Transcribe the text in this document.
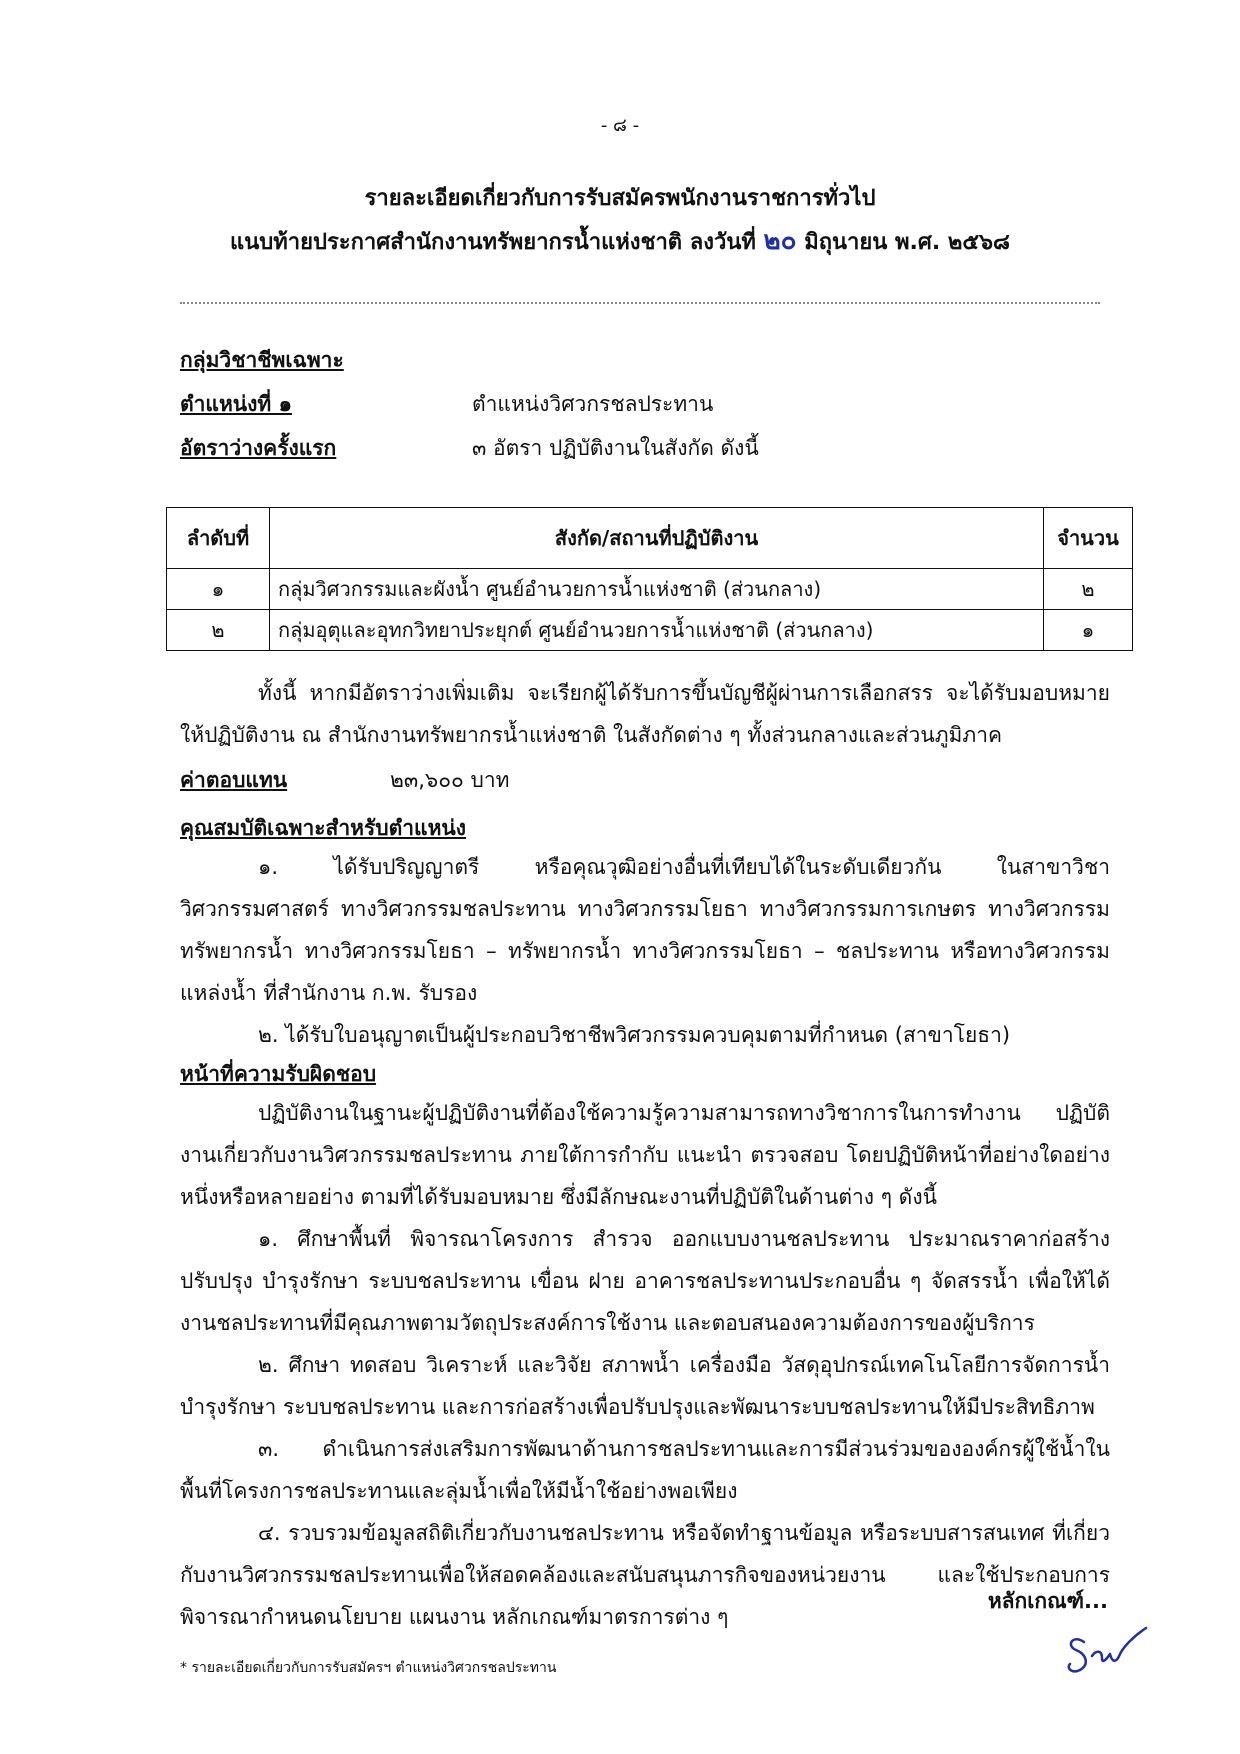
- ๘ -
รายละเอียดเกี่ยวกับการรับสมัครพนักงานราชการทั่วไป
แนบท้ายประกาศสำนักงานทรัพยากรน้ำแห่งชาติ ลงวันที่ ๒๐ มิถุนายน พ.ศ. ๒๕๖๘
กลุ่มวิชาชีพเฉพาะ
ตำแหน่งที่ ๑	ตำแหน่งวิศวกรชลประทาน
อัตราว่างครั้งแรก	๓ อัตรา ปฏิบัติงานในสังกัด ดังนี้
ลำดับที่	สังกัด/สถานที่ปฏิบัติงาน	จำนวน
๑	กลุ่มวิศวกรรมและผังน้ำ ศูนย์อำนวยการน้ำแห่งชาติ (ส่วนกลาง)	๒
๒	กลุ่มอุตุและอุทกวิทยาประยุกต์ ศูนย์อำนวยการน้ำแห่งชาติ (ส่วนกลาง)	๑

ทั้งนี้ หากมีอัตราว่างเพิ่มเติม จะเรียกผู้ได้รับการขึ้นบัญชีผู้ผ่านการเลือกสรร จะได้รับมอบหมายให้ปฏิบัติงาน ณ สำนักงานทรัพยากรน้ำแห่งชาติ ในสังกัดต่าง ๆ ทั้งส่วนกลางและส่วนภูมิภาค

ค่าตอบแทน	๒๓,๖๐๐ บาท
คุณสมบัติเฉพาะสำหรับตำแหน่ง

๑. ได้รับปริญญาตรี หรือคุณวุฒิอย่างอื่นที่เทียบได้ในระดับเดียวกัน ในสาขาวิชาวิศวกรรมศาสตร์ ทางวิศวกรรมชลประทาน ทางวิศวกรรมโยธา ทางวิศวกรรมการเกษตร ทางวิศวกรรมทรัพยากรน้ำ ทางวิศวกรรมโยธา – ทรัพยากรน้ำ ทางวิศวกรรมโยธา – ชลประทาน หรือทางวิศวกรรมแหล่งน้ำ ที่สำนักงาน ก.พ. รับรอง

๒. ได้รับใบอนุญาตเป็นผู้ประกอบวิชาชีพวิศวกรรมควบคุมตามที่กำหนด (สาขาโยธา)

หน้าที่ความรับผิดชอบ

ปฏิบัติงานในฐานะผู้ปฏิบัติงานที่ต้องใช้ความรู้ความสามารถทางวิชาการในการทำงาน ปฏิบัติงานเกี่ยวกับงานวิศวกรรมชลประทาน ภายใต้การกำกับ แนะนำ ตรวจสอบ โดยปฏิบัติหน้าที่อย่างใดอย่างหนึ่งหรือหลายอย่าง ตามที่ได้รับมอบหมาย ซึ่งมีลักษณะงานที่ปฏิบัติในด้านต่าง ๆ ดังนี้

๑. ศึกษาพื้นที่ พิจารณาโครงการ สำรวจ ออกแบบงานชลประทาน ประมาณราคาก่อสร้าง ปรับปรุง บำรุงรักษา ระบบชลประทาน เขื่อน ฝาย อาคารชลประทานประกอบอื่น ๆ จัดสรรน้ำ เพื่อให้ได้งานชลประทานที่มีคุณภาพตามวัตถุประสงค์การใช้งาน และตอบสนองความต้องการของผู้บริการ

๒. ศึกษา ทดสอบ วิเคราะห์ และวิจัย สภาพน้ำ เครื่องมือ วัสดุอุปกรณ์เทคโนโลยีการจัดการน้ำ บำรุงรักษา ระบบชลประทาน และการก่อสร้างเพื่อปรับปรุงและพัฒนาระบบชลประทานให้มีประสิทธิภาพ

๓. ดำเนินการส่งเสริมการพัฒนาด้านการชลประทานและการมีส่วนร่วมขององค์กรผู้ใช้น้ำในพื้นที่โครงการชลประทานและลุ่มน้ำเพื่อให้มีน้ำใช้อย่างพอเพียง

๔. รวบรวมข้อมูลสถิติเกี่ยวกับงานชลประทาน หรือจัดทำฐานข้อมูล หรือระบบสารสนเทศ ที่เกี่ยวกับงานวิศวกรรมชลประทานเพื่อให้สอดคล้องและสนับสนุนภารกิจของหน่วยงาน และใช้ประกอบการพิจารณากำหนดนโยบาย แผนงาน หลักเกณฑ์มาตรการต่าง ๆ

หลักเกณฑ์...
* รายละเอียดเกี่ยวกับการรับสมัครฯ ตำแหน่งวิศวกรชลประทาน
